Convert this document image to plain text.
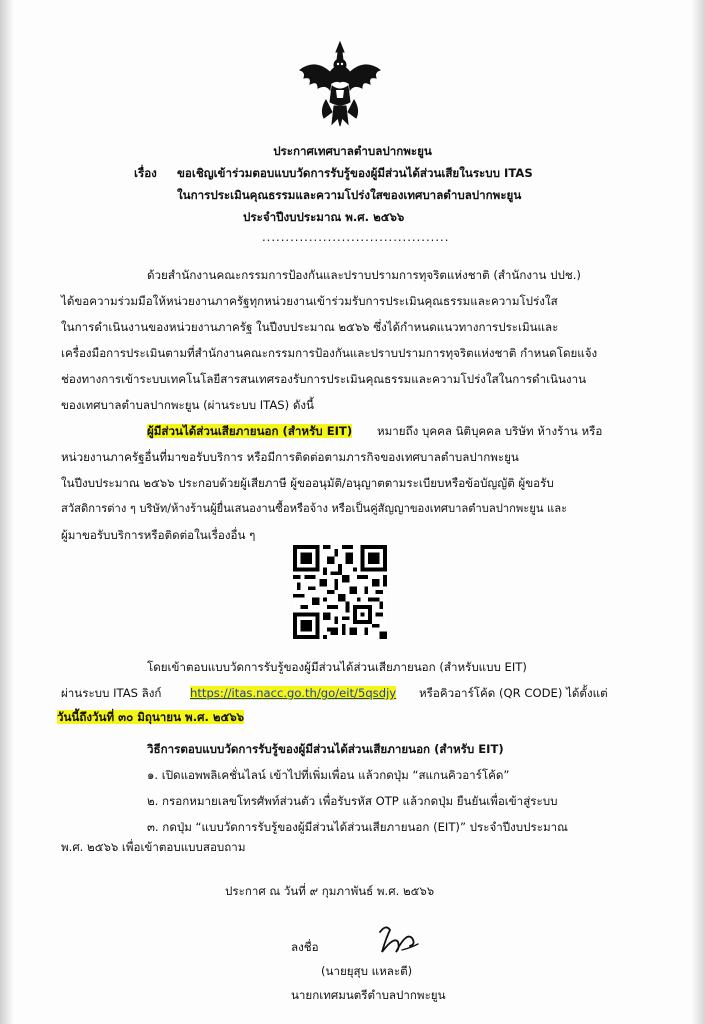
ประกาศเทศบาลตำบลปากพะยูน
เรื่อง ขอเชิญเข้าร่วมตอบแบบวัดการรับรู้ของผู้มีส่วนได้ส่วนเสียในระบบ ITAS
ในการประเมินคุณธรรมและความโปร่งใสของเทศบาลตำบลปากพะยูน
ประจำปีงบประมาณ พ.ศ. ๒๕๖๖
........................................
ด้วยสำนักงานคณะกรรมการป้องกันและปราบปรามการทุจริตแห่งชาติ (สำนักงาน ปปช.)
ได้ขอความร่วมมือให้หน่วยงานภาครัฐทุกหน่วยงานเข้าร่วมรับการประเมินคุณธรรมและความโปร่งใส
ในการดำเนินงานของหน่วยงานภาครัฐ ในปีงบประมาณ ๒๕๖๖ ซึ่งได้กำหนดแนวทางการประเมินและ
เครื่องมือการประเมินตามที่สำนักงานคณะกรรมการป้องกันและปราบปรามการทุจริตแห่งชาติ กำหนดโดยแจ้ง
ช่องทางการเข้าระบบเทคโนโลยีสารสนเทศรองรับการประเมินคุณธรรมและความโปร่งใสในการดำเนินงาน
ของเทศบาลตำบลปากพะยูน (ผ่านระบบ ITAS) ดังนี้
ผู้มีส่วนได้ส่วนเสียภายนอก (สำหรับ EIT) หมายถึง บุคคล นิติบุคคล บริษัท ห้างร้าน หรือ
หน่วยงานภาครัฐอื่นที่มาขอรับบริการ หรือมีการติดต่อตามภารกิจของเทศบาลตำบลปากพะยูน
ในปีงบประมาณ ๒๕๖๖ ประกอบด้วยผู้เสียภาษี ผู้ขออนุมัติ/อนุญาตตามระเบียบหรือข้อบัญญัติ ผู้ขอรับ
สวัสดิการต่าง ๆ บริษัท/ห้างร้านผู้ยื่นเสนองานซื้อหรือจ้าง หรือเป็นคู่สัญญาของเทศบาลตำบลปากพะยูน และ
ผู้มาขอรับบริการหรือติดต่อในเรื่องอื่น ๆ
โดยเข้าตอบแบบวัดการรับรู้ของผู้มีส่วนได้ส่วนเสียภายนอก (สำหรับแบบ EIT)
ผ่านระบบ ITAS ลิงก์ https://itas.nacc.go.th/go/eit/5qsdjy หรือคิวอาร์โค้ด (QR CODE) ได้ตั้งแต่
วันนี้ถึงวันที่ ๓๐ มิถุนายน พ.ศ. ๒๕๖๖
วิธีการตอบแบบวัดการรับรู้ของผู้มีส่วนได้ส่วนเสียภายนอก (สำหรับ EIT)
๑. เปิดแอพพลิเคชั่นไลน์ เข้าไปที่เพิ่มเพื่อน แล้วกดปุ่ม “สแกนคิวอาร์โค้ด”
๒. กรอกหมายเลขโทรศัพท์ส่วนตัว เพื่อรับรหัส OTP แล้วกดปุ่ม ยืนยันเพื่อเข้าสู่ระบบ
๓. กดปุ่ม “แบบวัดการรับรู้ของผู้มีส่วนได้ส่วนเสียภายนอก (EIT)” ประจำปีงบประมาณ
พ.ศ. ๒๕๖๖ เพื่อเข้าตอบแบบสอบถาม
ประกาศ ณ วันที่ ๙ กุมภาพันธ์ พ.ศ. ๒๕๖๖
ลงชื่อ
(นายยุสุบ แหละตี)
นายกเทศมนตรีตำบลปากพะยูน
